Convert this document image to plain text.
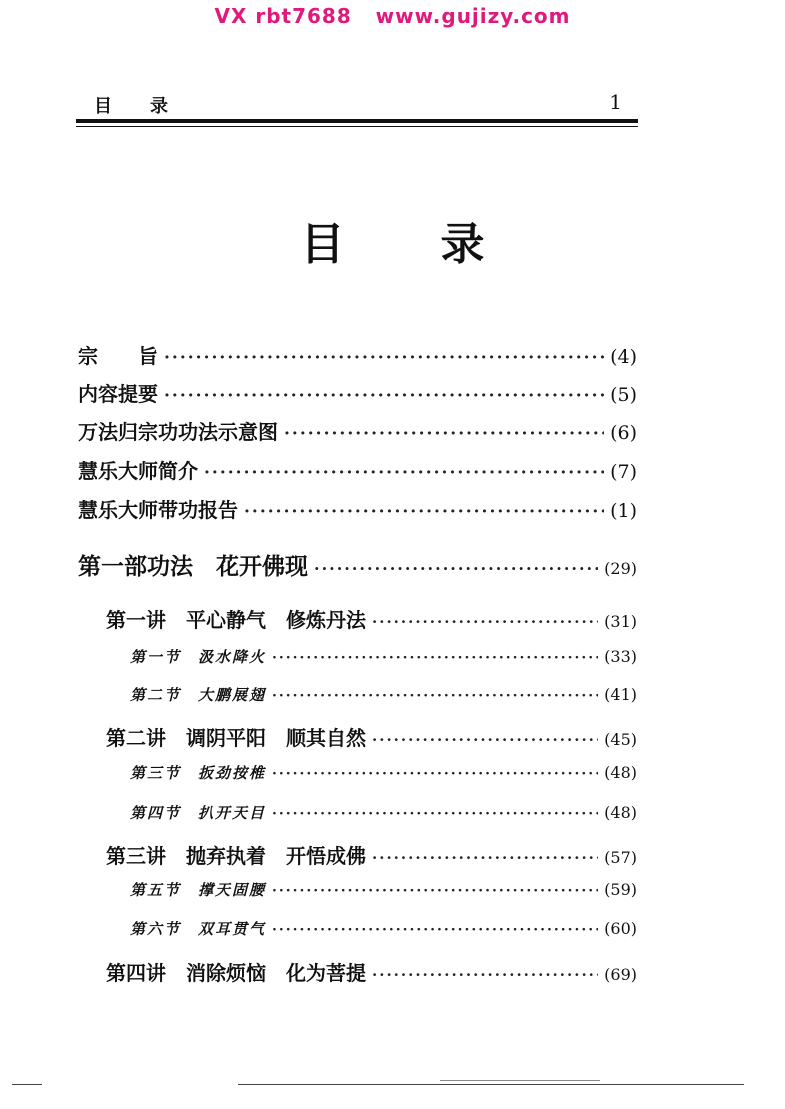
VX rbt7688   www.gujizy.com
目录	1
目录
宗　　旨 ·····	(4)
内容提要 ·····	(5)
万法归宗功功法示意图 ·····	(6)
慧乐大师简介 ·····	(7)
慧乐大师带功报告 ·····	(1)
第一部功法　花开佛现 ·····	(29)
第一讲　平心静气　修炼丹法 ·····	(31)
第一节　汲水降火 ·····	(33)
第二节　大鹏展翅 ·····	(41)
第二讲　调阴平阳　顺其自然 ·····	(45)
第三节　扳劲按椎 ·····	(48)
第四节　扒开天目 ·····	(48)
第三讲　抛弃执着　开悟成佛 ·····	(57)
第五节　撑天固腰 ·····	(59)
第六节　双耳贯气 ·····	(60)
第四讲　消除烦恼　化为菩提 ·····	(69)
